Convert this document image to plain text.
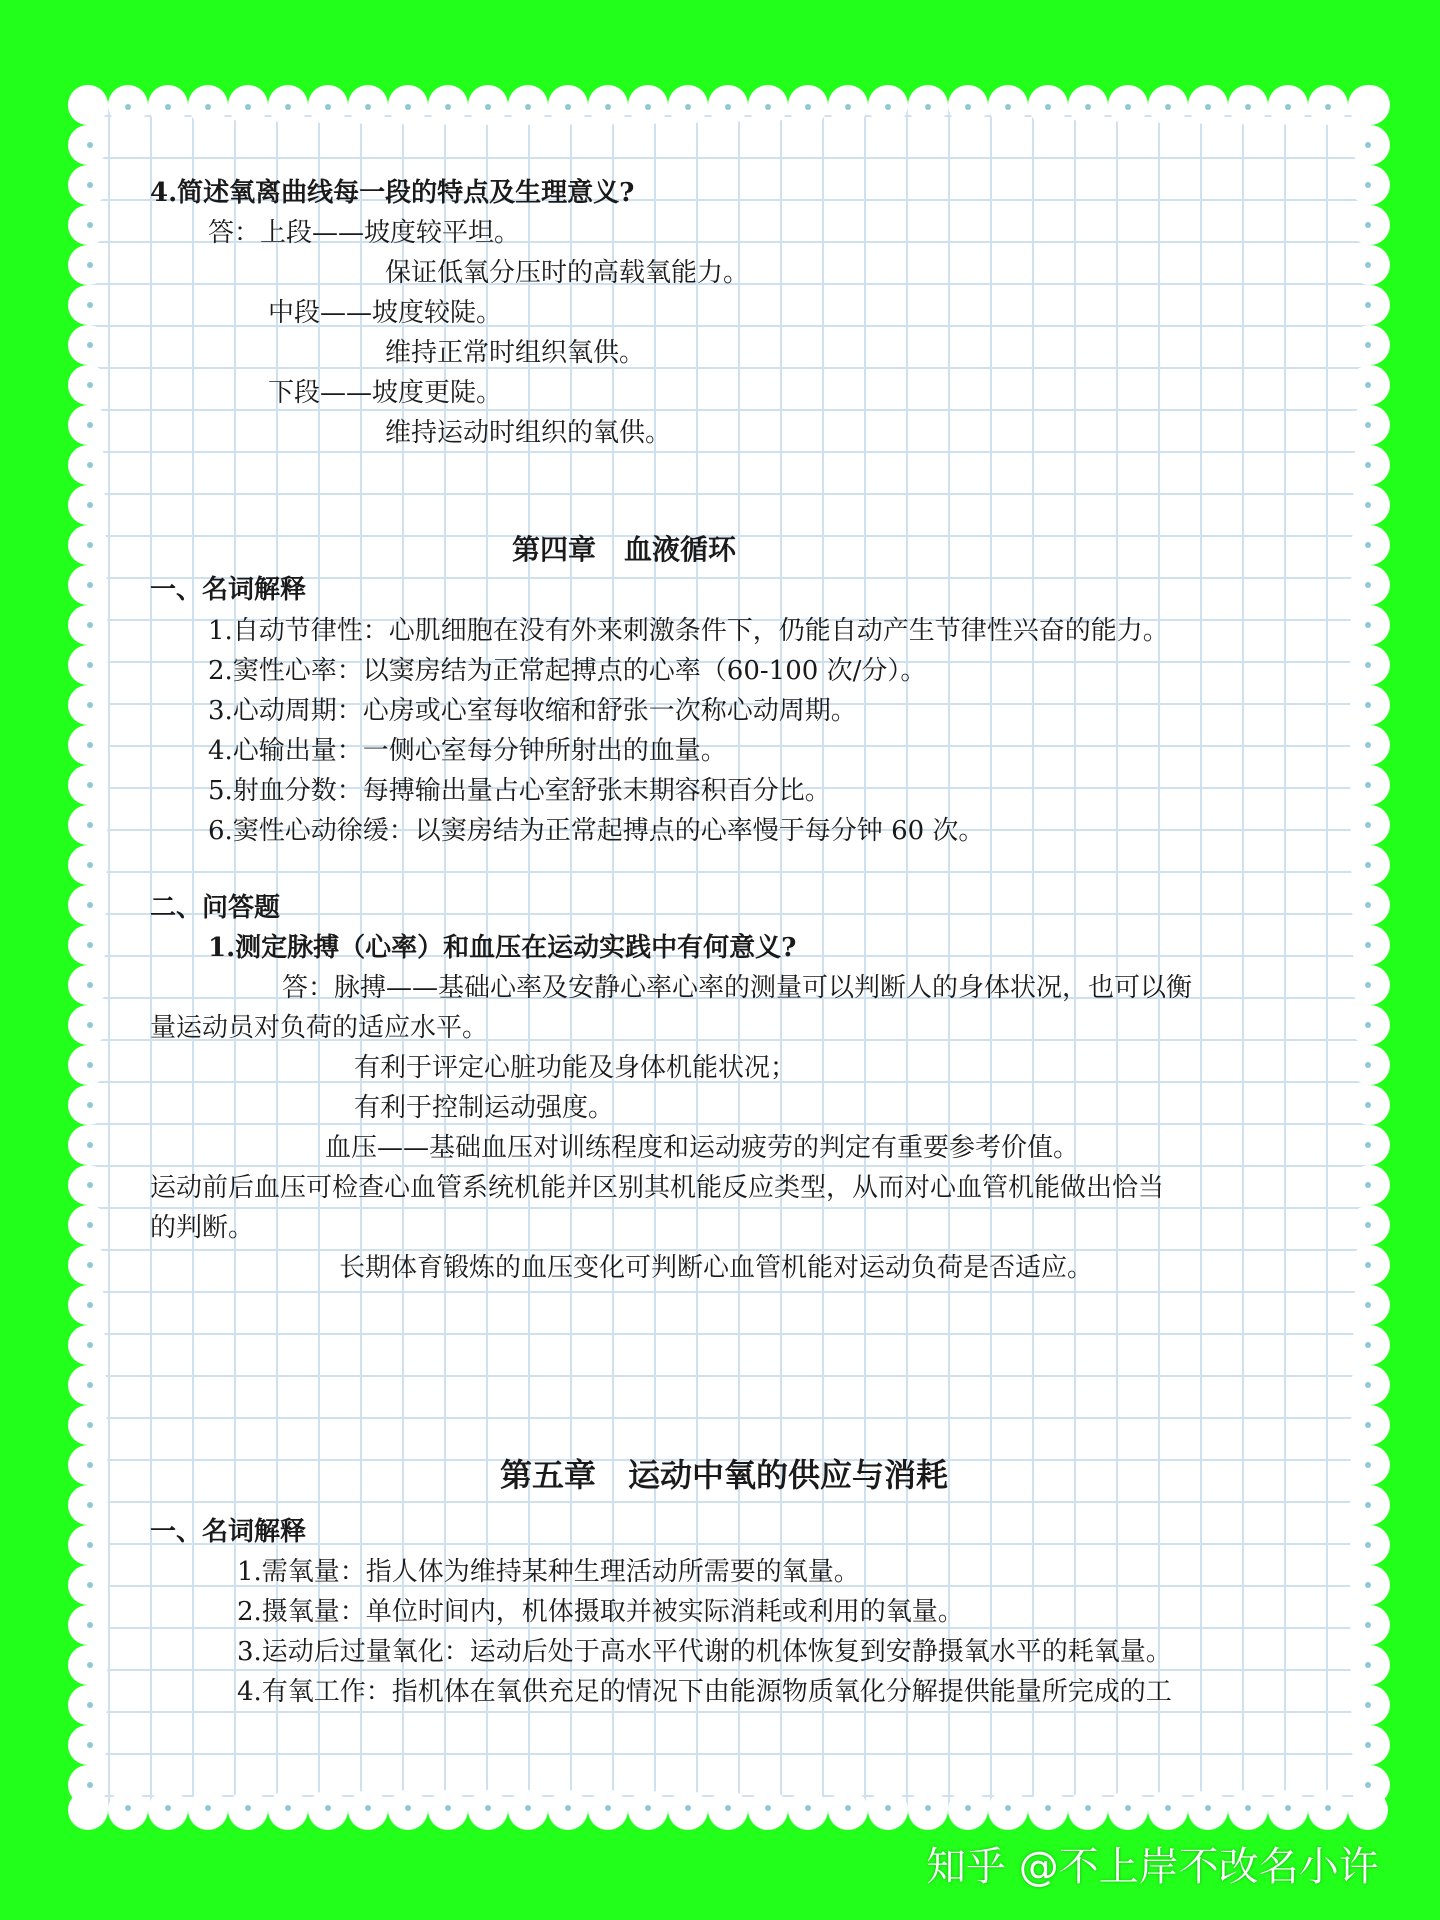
4.简述氧离曲线每一段的特点及生理意义?
答：上段——坡度较平坦。
保证低氧分压时的高载氧能力。
中段——坡度较陡。
维持正常时组织氧供。
下段——坡度更陡。
维持运动时组织的氧供。
第四章　血液循环
一、名词解释
1.自动节律性：心肌细胞在没有外来刺激条件下，仍能自动产生节律性兴奋的能力。
2.窦性心率：以窦房结为正常起搏点的心率（60-100 次/分）。
3.心动周期：心房或心室每收缩和舒张一次称心动周期。
4.心输出量：一侧心室每分钟所射出的血量。
5.射血分数：每搏输出量占心室舒张末期容积百分比。
6.窦性心动徐缓：以窦房结为正常起搏点的心率慢于每分钟 60 次。
二、问答题
1.测定脉搏（心率）和血压在运动实践中有何意义?
答：脉搏——基础心率及安静心率心率的测量可以判断人的身体状况，也可以衡
量运动员对负荷的适应水平。
有利于评定心脏功能及身体机能状况；
有利于控制运动强度。
血压——基础血压对训练程度和运动疲劳的判定有重要参考价值。
运动前后血压可检查心血管系统机能并区别其机能反应类型，从而对心血管机能做出恰当
的判断。
长期体育锻炼的血压变化可判断心血管机能对运动负荷是否适应。
第五章　运动中氧的供应与消耗
一、名词解释
1.需氧量：指人体为维持某种生理活动所需要的氧量。
2.摄氧量：单位时间内，机体摄取并被实际消耗或利用的氧量。
3.运动后过量氧化：运动后处于高水平代谢的机体恢复到安静摄氧水平的耗氧量。
4.有氧工作：指机体在氧供充足的情况下由能源物质氧化分解提供能量所完成的工
知乎 @不上岸不改名小许
